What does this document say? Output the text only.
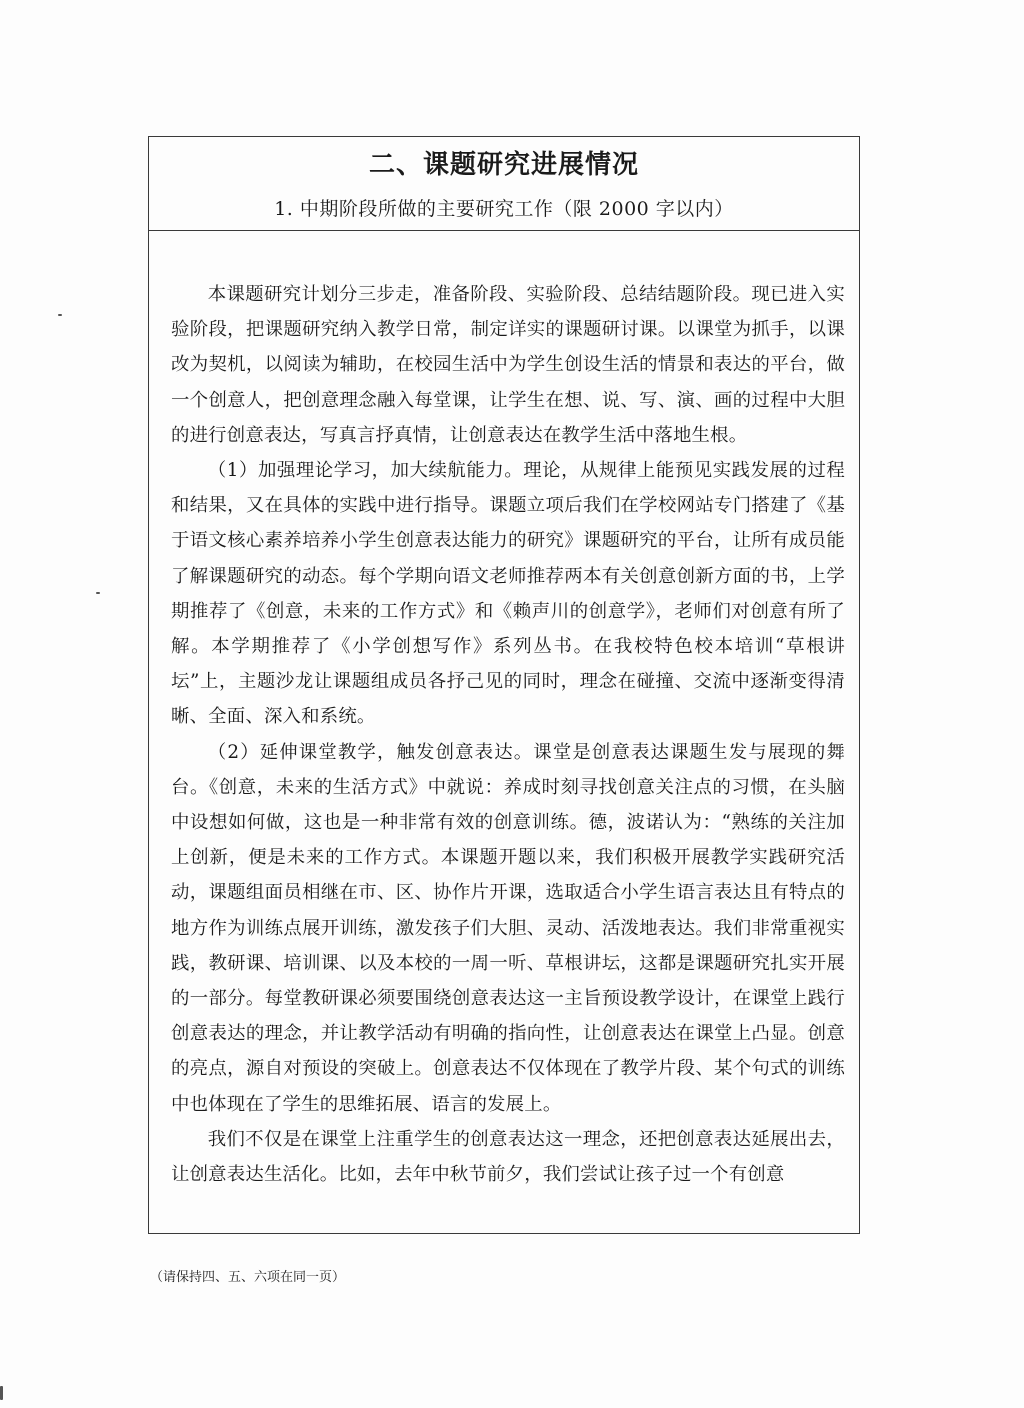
二、课题研究进展情况
1. 中期阶段所做的主要研究工作（限 2000 字以内）

本课题研究计划分三步走，准备阶段、实验阶段、总结结题阶段。现已进入实验阶段，把课题研究纳入教学日常，制定详实的课题研讨课。以课堂为抓手，以课改为契机，以阅读为辅助，在校园生活中为学生创设生活的情景和表达的平台，做一个创意人，把创意理念融入每堂课，让学生在想、说、写、演、画的过程中大胆的进行创意表达，写真言抒真情，让创意表达在教学生活中落地生根。

（1）加强理论学习，加大续航能力。理论，从规律上能预见实践发展的过程和结果，又在具体的实践中进行指导。课题立项后我们在学校网站专门搭建了《基于语文核心素养培养小学生创意表达能力的研究》课题研究的平台，让所有成员能了解课题研究的动态。每个学期向语文老师推荐两本有关创意创新方面的书，上学期推荐了《创意，未来的工作方式》和《赖声川的创意学》，老师们对创意有所了解。本学期推荐了《小学创想写作》系列丛书。在我校特色校本培训“草根讲坛”上，主题沙龙让课题组成员各抒己见的同时，理念在碰撞、交流中逐渐变得清晰、全面、深入和系统。

（2）延伸课堂教学，触发创意表达。课堂是创意表达课题生发与展现的舞台。《创意，未来的生活方式》中就说：养成时刻寻找创意关注点的习惯，在头脑中设想如何做，这也是一种非常有效的创意训练。德，波诺认为：“熟练的关注加上创新，便是未来的工作方式。本课题开题以来，我们积极开展教学实践研究活动，课题组面员相继在市、区、协作片开课，选取适合小学生语言表达且有特点的地方作为训练点展开训练，激发孩子们大胆、灵动、活泼地表达。我们非常重视实践，教研课、培训课、以及本校的一周一听、草根讲坛，这都是课题研究扎实开展的一部分。每堂教研课必须要围绕创意表达这一主旨预设教学设计，在课堂上践行创意表达的理念，并让教学活动有明确的指向性，让创意表达在课堂上凸显。创意的亮点，源自对预设的突破上。创意表达不仅体现在了教学片段、某个句式的训练中也体现在了学生的思维拓展、语言的发展上。

我们不仅是在课堂上注重学生的创意表达这一理念，还把创意表达延展出去，让创意表达生活化。比如，去年中秋节前夕，我们尝试让孩子过一个有创意

（请保持四、五、六项在同一页）
